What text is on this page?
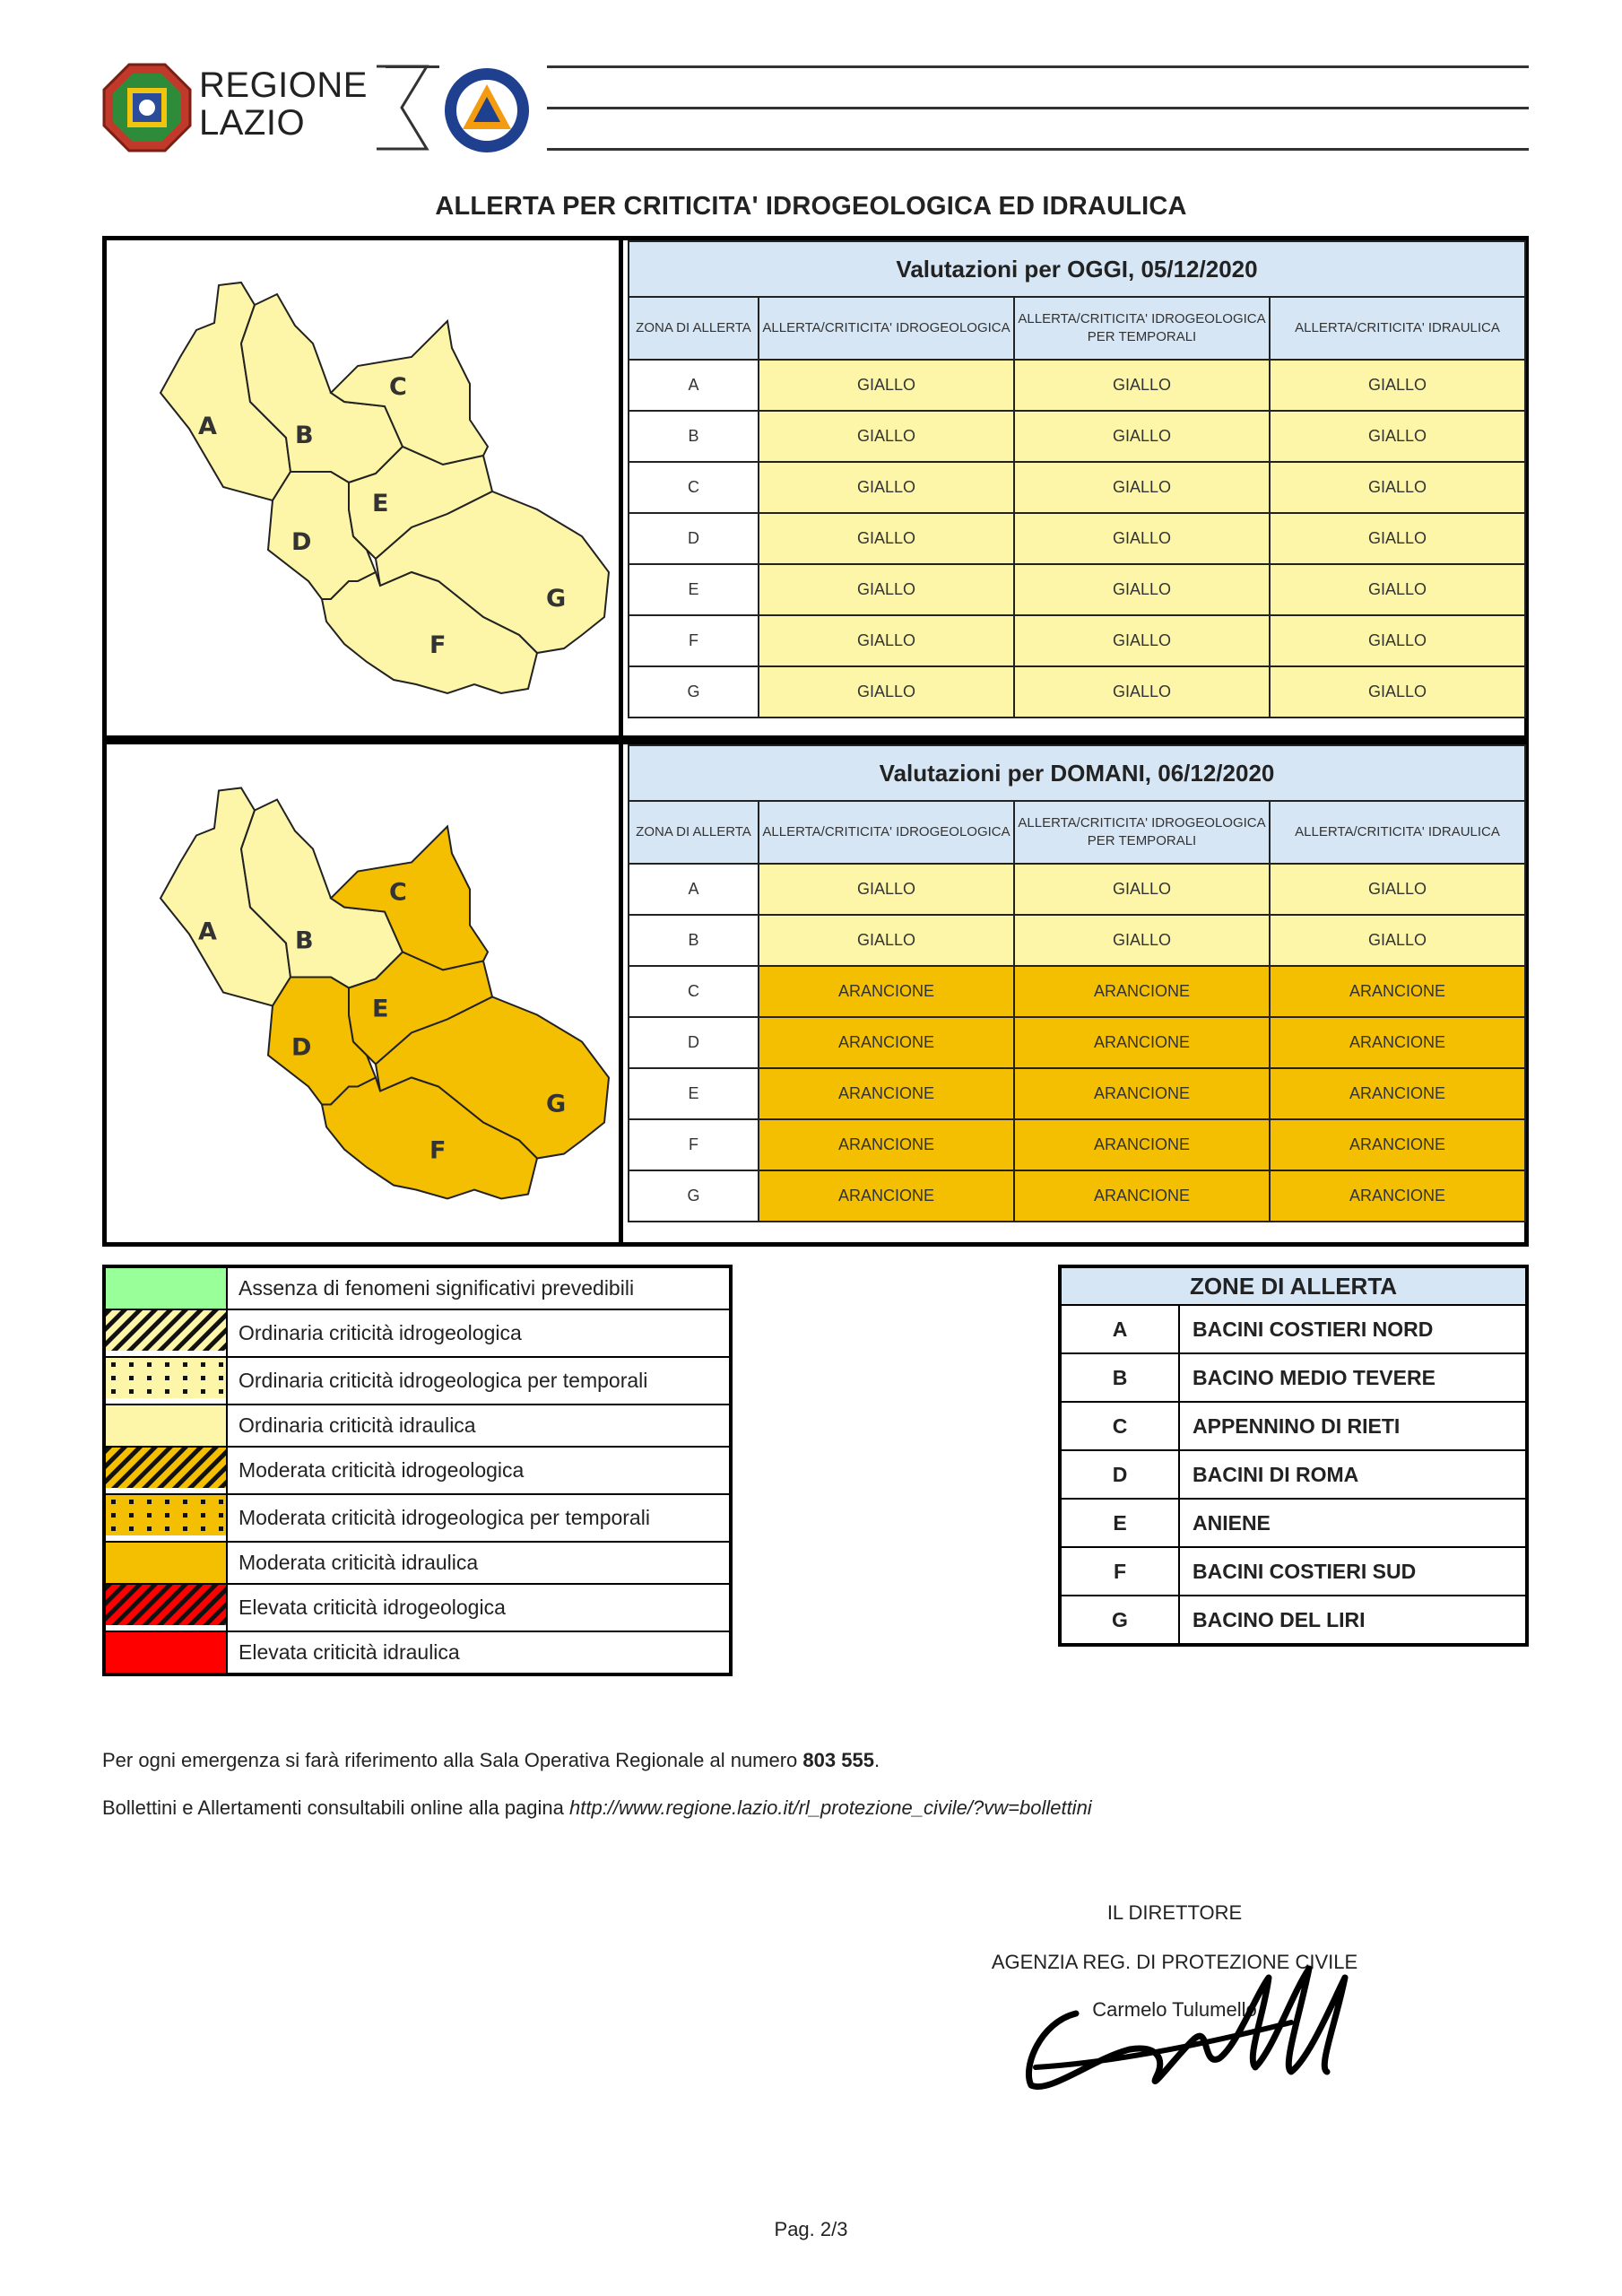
REGIONE
LAZIO
ALLERTA PER CRITICITA' IDROGEOLOGICA ED IDRAULICA
A	B
C
D
E
F
G
Valutazioni per OGGI, 05/12/2020			
ZONA DI ALLERTA	ALLERTA/CRITICITA' IDROGEOLOGICA	ALLERTA/CRITICITA' IDROGEOLOGICA PER TEMPORALI	ALLERTA/CRITICITA' IDRAULICA
A	GIALLO	GIALLO	GIALLO
B	GIALLO	GIALLO	GIALLO
C	GIALLO	GIALLO	GIALLO
D	GIALLO	GIALLO	GIALLO
E	GIALLO	GIALLO	GIALLO
F	GIALLO	GIALLO	GIALLO
G	GIALLO	GIALLO	GIALLO
A	B
C
D
E
F
G
Valutazioni per DOMANI, 06/12/2020			
ZONA DI ALLERTA	ALLERTA/CRITICITA' IDROGEOLOGICA	ALLERTA/CRITICITA' IDROGEOLOGICA PER TEMPORALI	ALLERTA/CRITICITA' IDRAULICA
A	GIALLO	GIALLO	GIALLO
B	GIALLO	GIALLO	GIALLO
C	ARANCIONE	ARANCIONE	ARANCIONE
D	ARANCIONE	ARANCIONE	ARANCIONE
E	ARANCIONE	ARANCIONE	ARANCIONE
F	ARANCIONE	ARANCIONE	ARANCIONE
G	ARANCIONE	ARANCIONE	ARANCIONE
	Assenza di fenomeni significativi prevedibili
	Ordinaria criticità idrogeologica
	Ordinaria criticità idrogeologica per temporali
	Ordinaria criticità idraulica
	Moderata criticità idrogeologica
	Moderata criticità idrogeologica per temporali
	Moderata criticità idraulica
	Elevata criticità idrogeologica
	Elevata criticità idraulica
ZONE DI ALLERTA	
A	BACINI COSTIERI NORD
B	BACINO MEDIO TEVERE
C	APPENNINO DI RIETI
D	BACINI DI ROMA
E	ANIENE
F	BACINI COSTIERI SUD
G	BACINO DEL LIRI
Per ogni emergenza si farà riferimento alla Sala Operativa Regionale al numero 803 555.
Bollettini e Allertamenti consultabili online alla pagina http://www.regione.lazio.it/rl_protezione_civile/?vw=bollettini
IL DIRETTORE
AGENZIA REG. DI PROTEZIONE CIVILE
Carmelo Tulumello
Pag. 2/3
